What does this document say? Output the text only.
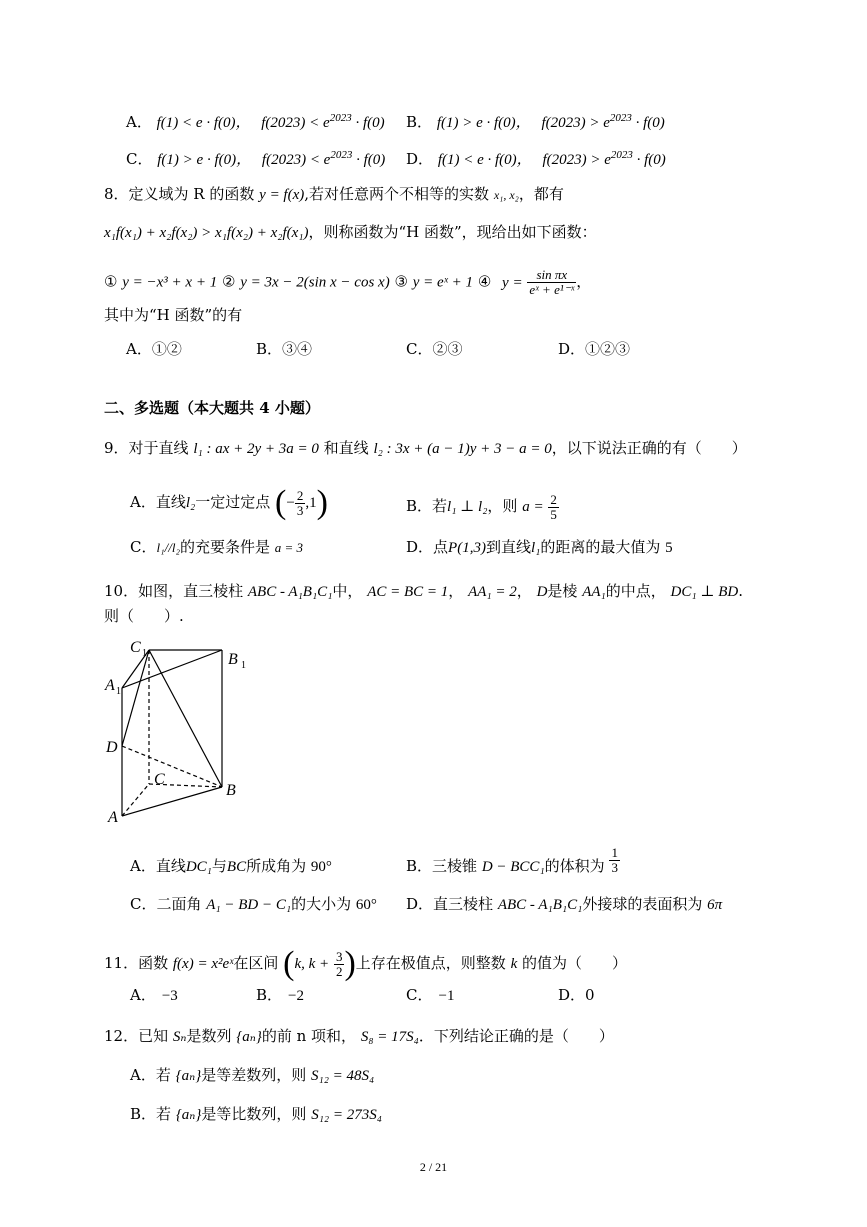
A． f(1) < e · f(0)， $f(2023) < e^{2023} \cdot f(0)$ B． f(1) > e · f(0)， $f(2023) > e^{2023} \cdot f(0)$
C． f(1) > e · f(0)， $f(2023) < e^{2023} \cdot f(0)$ D． f(1) < e · f(0)， $f(2023) > e^{2023} \cdot f(0)$
8．定义域为 R 的函数 y = f(x),若对任意两个不相等的实数 x₁, x₂，都有
x₁f(x₁) + x₂f(x₂) > x₁f(x₂) + x₂f(x₁)，则称函数为“H 函数”，现给出如下函数：
① y = −x³ + x + 1 ② y = 3x − 2(sin x − cos x) ③ y = eˣ + 1 ④ $y = \frac{\text{sin πx}}{\text{eˣ + e¹⁻ˣ}}$ ，
其中为“H 函数”的有
A．①②	B．③④	C．②③	D．①②③
二、多选题（本大题共 4 小题）
9．对于直线 l₁ : ax + 2y + 3a = 0 和直线 l₂ : 3x + (a − 1)y + 3 − a = 0，以下说法正确的有（　　）
A．直线l₂一定过定点 (− $\frac{2}{3} ,1$)	B．若l₁ ⊥ l₂，则 $a = \frac{2}{5}$
C．l₁//l₂的充要条件是 a = 3	D．点P(1,3)到直线l₁的距离的最大值为 5
10．如图，直三棱柱 ABC - A₁B₁C₁中， AC = BC = 1， AA₁ = 2， D是棱 AA₁的中点， DC₁ ⊥ BD.
则（　　）.
C 1	B 1
A 1
D
C
B
A
A．直线DC₁与BC所成角为 90°	B．三棱锥 D − BCC₁的体积为 $\frac{1}{3}$
C．二面角 A₁ − BD − C₁的大小为 60° D．直三棱柱 ABC - A₁B₁C₁外接球的表面积为 6π
11．函数 f(x) = x²eˣ在区间 (k, $k + \frac{3}{2}$ )上存在极值点，则整数 k 的值为（　　）
A． −3	B． −2	C． −1	D．0
12．已知 Sₙ是数列 {aₙ}的前 n 项和， S₈ = 17S₄．下列结论正确的是（　　）
A．若 {aₙ}是等差数列，则 S₁₂ = 48S₄
B．若 {aₙ}是等比数列，则 S₁₂ = 273S₄
2 / 21
